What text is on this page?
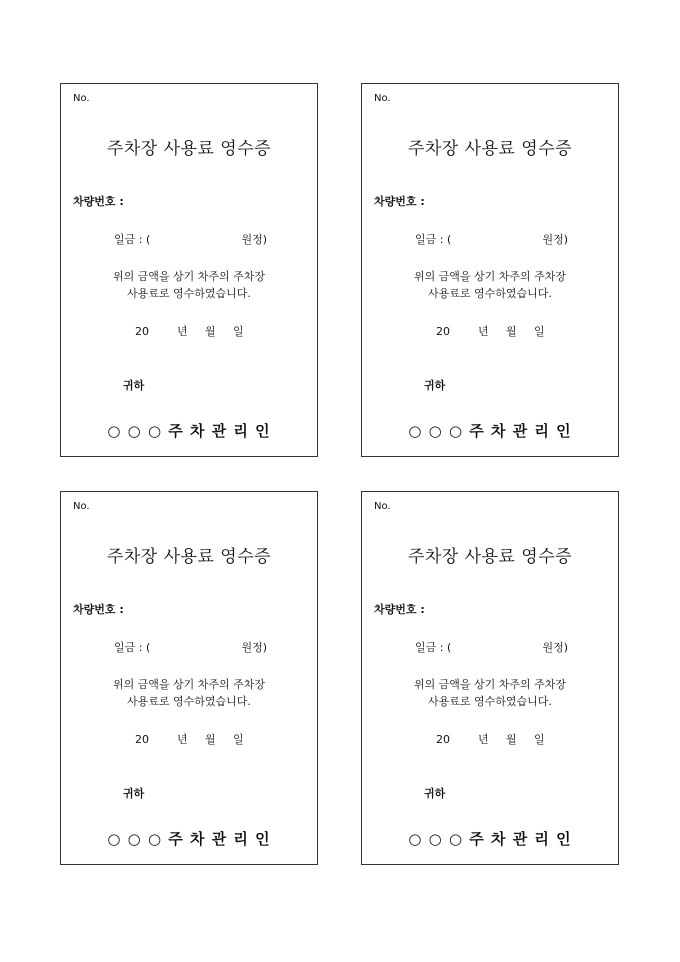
No.
주차장 사용료 영수증
차량번호 :
일금 : (	원정)
위의 금액을 상기 차주의 주차장
사용료로 영수하였습니다.
20	년 월 일
귀하
○ ○ ○ 주 차 관 리 인
No.
주차장 사용료 영수증
차량번호 :
일금 : (	원정)
위의 금액을 상기 차주의 주차장
사용료로 영수하였습니다.
20	년 월 일
귀하
○ ○ ○ 주 차 관 리 인
No.
주차장 사용료 영수증
차량번호 :
일금 : (	원정)
위의 금액을 상기 차주의 주차장
사용료로 영수하였습니다.
20	년 월 일
귀하
○ ○ ○ 주 차 관 리 인
No.
주차장 사용료 영수증
차량번호 :
일금 : (	원정)
위의 금액을 상기 차주의 주차장
사용료로 영수하였습니다.
20	년 월 일
귀하
○ ○ ○ 주 차 관 리 인
